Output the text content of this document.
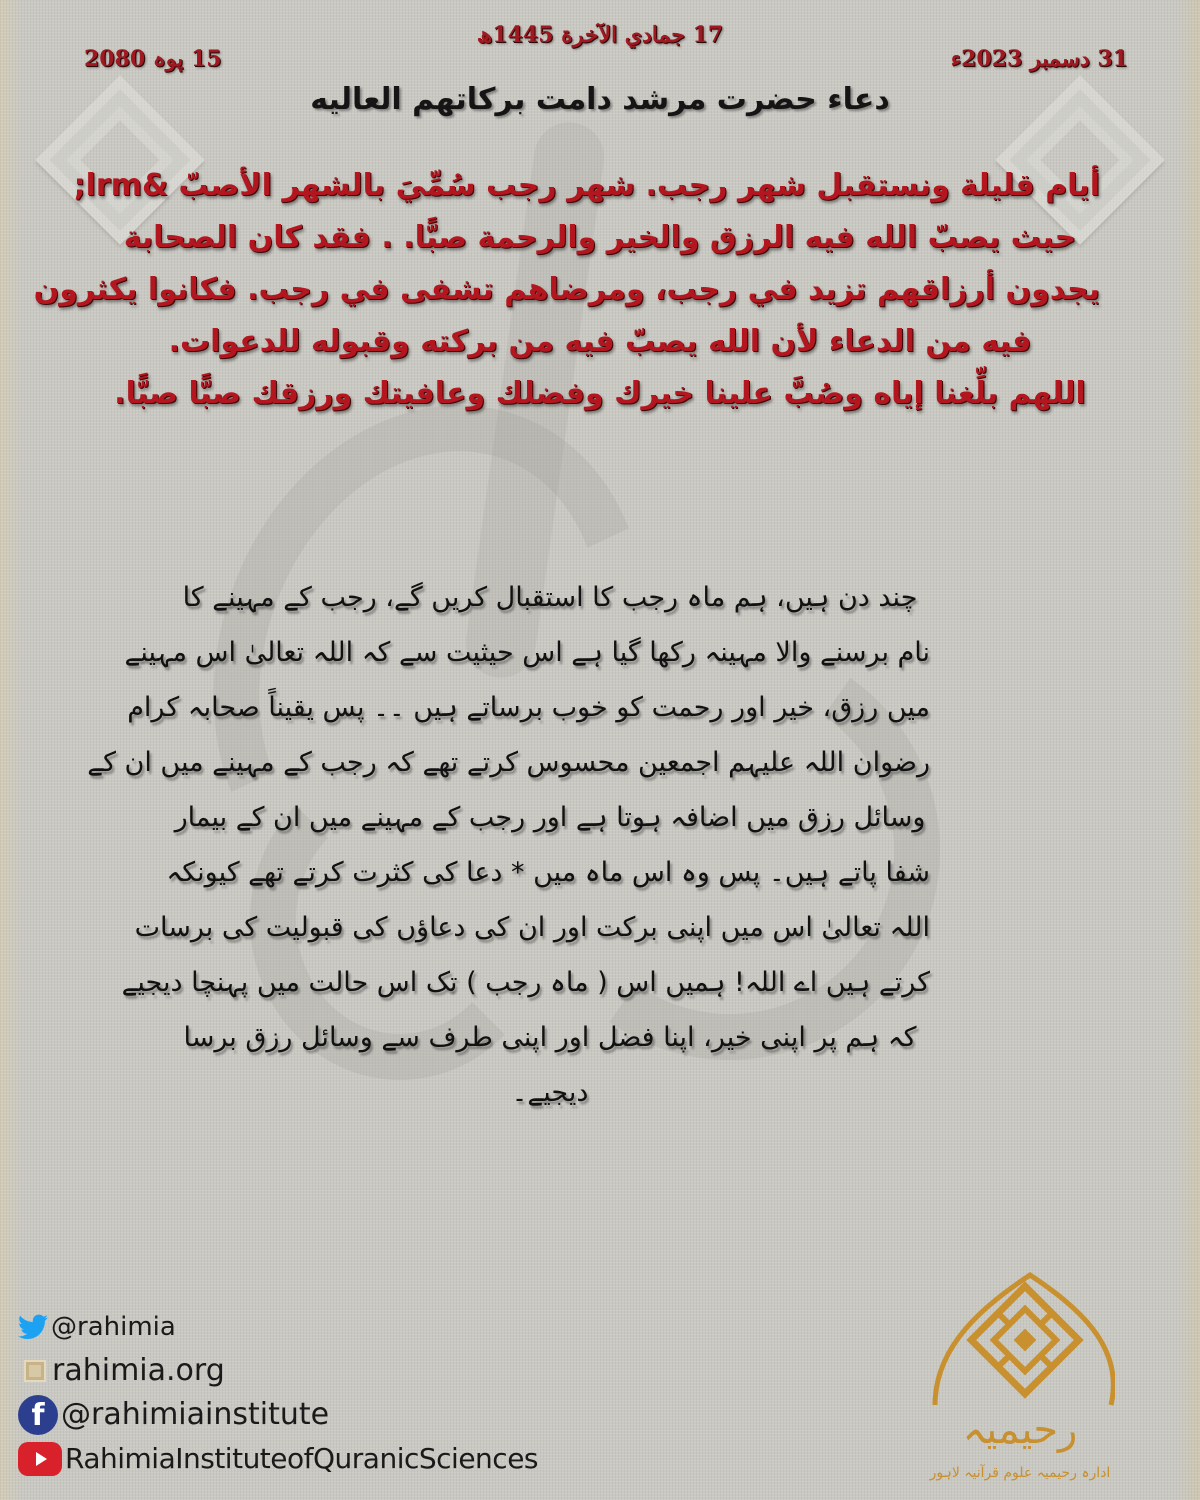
17 جمادي الآخرة 1445ھ
15 پوہ 2080	31 دسمبر 2023ء
دعاء حضرت مرشد دامت برکاتهم العاليه
أيام قليلة ونستقبل شهر رجب. شهر رجب سُمِّيَ بالشهر الأصبّ &lrm;
حيث يصبّ الله فيه الرزق والخير والرحمة صبًّا. . فقد كان الصحابة
يجدون أرزاقهم تزيد في رجب، ومرضاهم تشفى في رجب. فكانوا يكثرون
فيه من الدعاء لأن الله يصبّ فيه من بركته وقبوله للدعوات.
اللهم بلِّغنا إياه وصُبَّ علينا خيرك وفضلك وعافيتك ورزقك صبًّا صبًّا.
چند دن ہیں، ہم ماہ رجب کا استقبال کریں گے، رجب کے مہینے کا
نام برسنے والا مہینہ رکھا گیا ہے اس حیثیت سے کہ اللہ تعالیٰ اس مہینے
میں رزق، خیر اور رحمت کو خوب برساتے ہیں ۔۔ پس یقیناً صحابہ کرام
رضوان اللہ علیہم اجمعین محسوس کرتے تھے کہ رجب کے مہینے میں ان کے
وسائل رزق میں اضافہ ہوتا ہے اور رجب کے مہینے میں ان کے بیمار
شفا پاتے ہیں۔ پس وہ اس ماہ میں * دعا کی کثرت کرتے تھے کیونکہ
اللہ تعالیٰ اس میں اپنی برکت اور ان کی دعاؤں کی قبولیت کی برسات
کرتے ہیں اے اللہ! ہمیں اس ( ماہ رجب ) تک اس حالت میں پہنچا دیجیے
کہ ہم پر اپنی خیر، اپنا فضل اور اپنی طرف سے وسائل رزق برسا
دیجیے۔
@rahimia
rahimia.org
f @rahimiainstitute
RahimiaInstituteofQuranicSciences
رحیمیہ
ادارہ رحیمیہ علوم قرآنیہ لاہور
